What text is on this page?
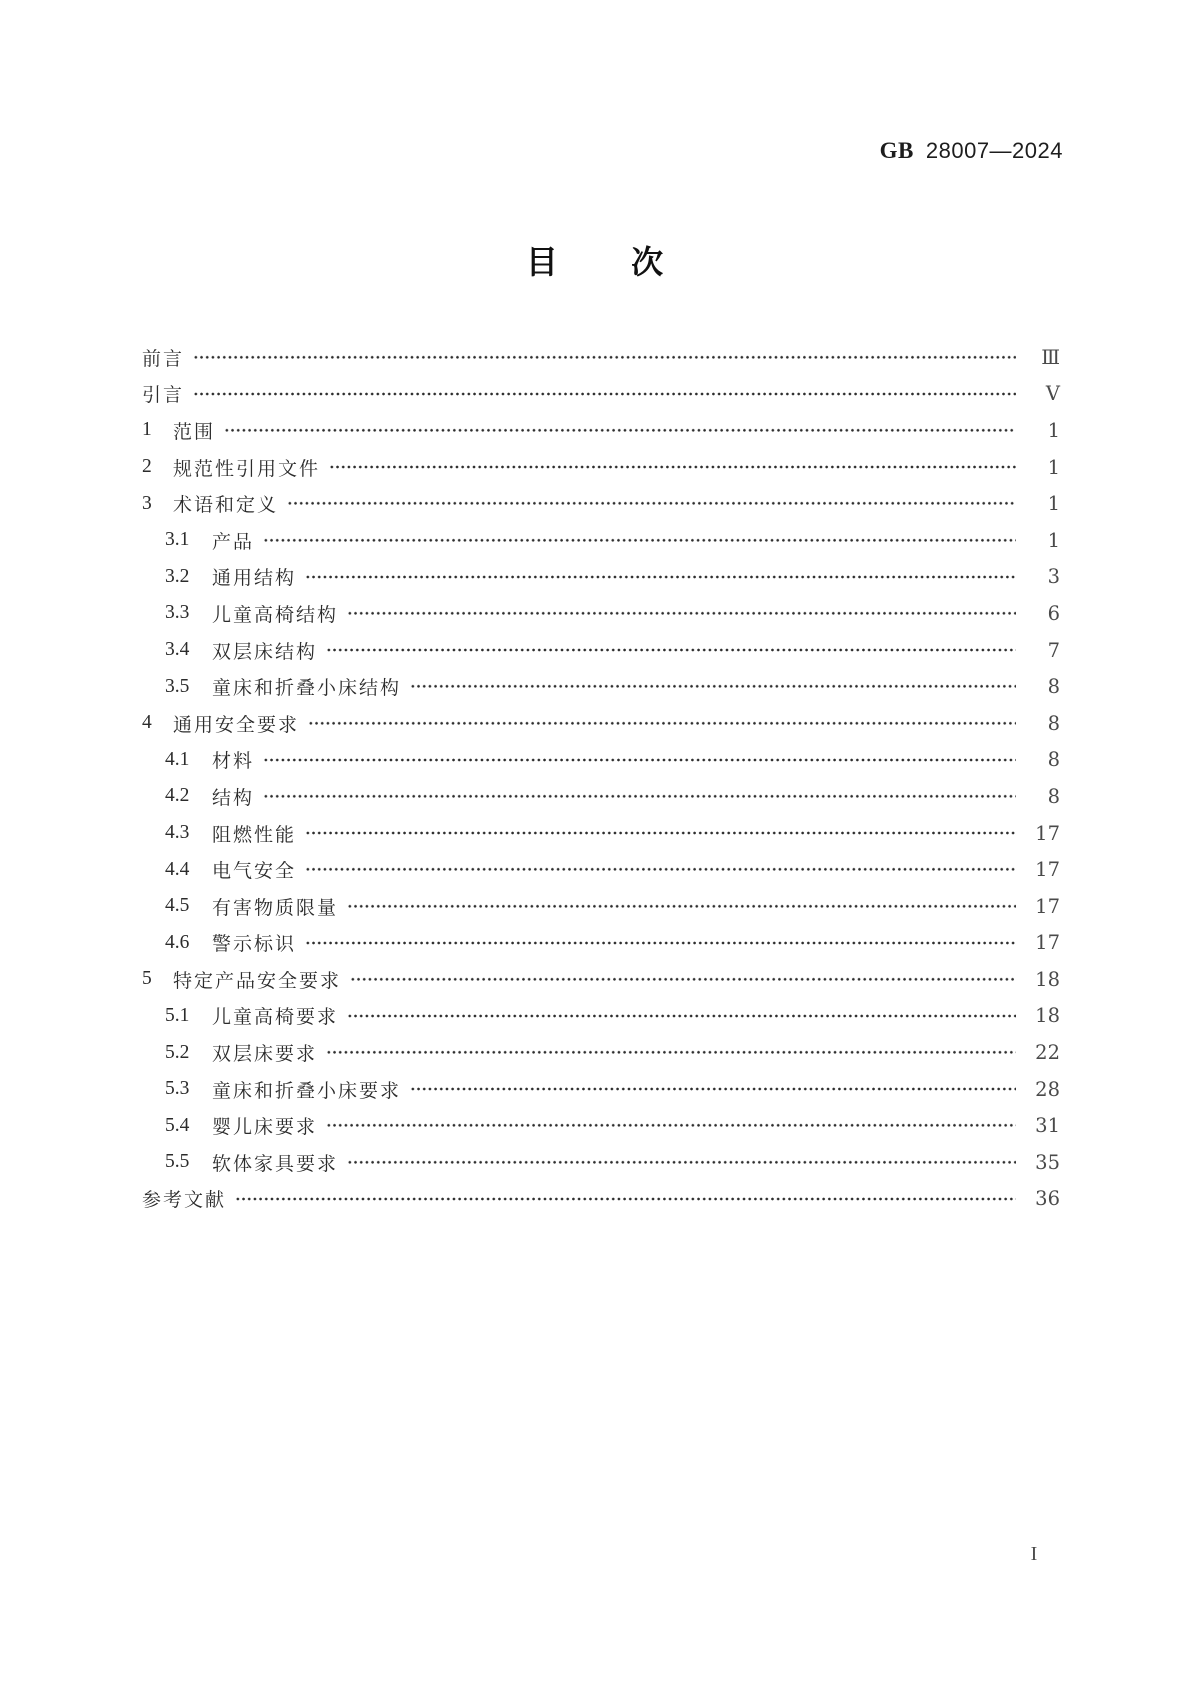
GB 28007—2024
目 次
前言	Ⅲ
引言	Ⅴ
1	范围	1
2	规范性引用文件	1
3	术语和定义	1
3.1	产品	1
3.2	通用结构	3
3.3	儿童高椅结构	6
3.4	双层床结构	7
3.5	童床和折叠小床结构	8
4	通用安全要求	8
4.1	材料	8
4.2	结构	8
4.3	阻燃性能	17
4.4	电气安全	17
4.5	有害物质限量	17
4.6	警示标识	17
5	特定产品安全要求	18
5.1	儿童高椅要求	18
5.2	双层床要求	22
5.3	童床和折叠小床要求	28
5.4	婴儿床要求	31
5.5	软体家具要求	35
参考文献	36
I
